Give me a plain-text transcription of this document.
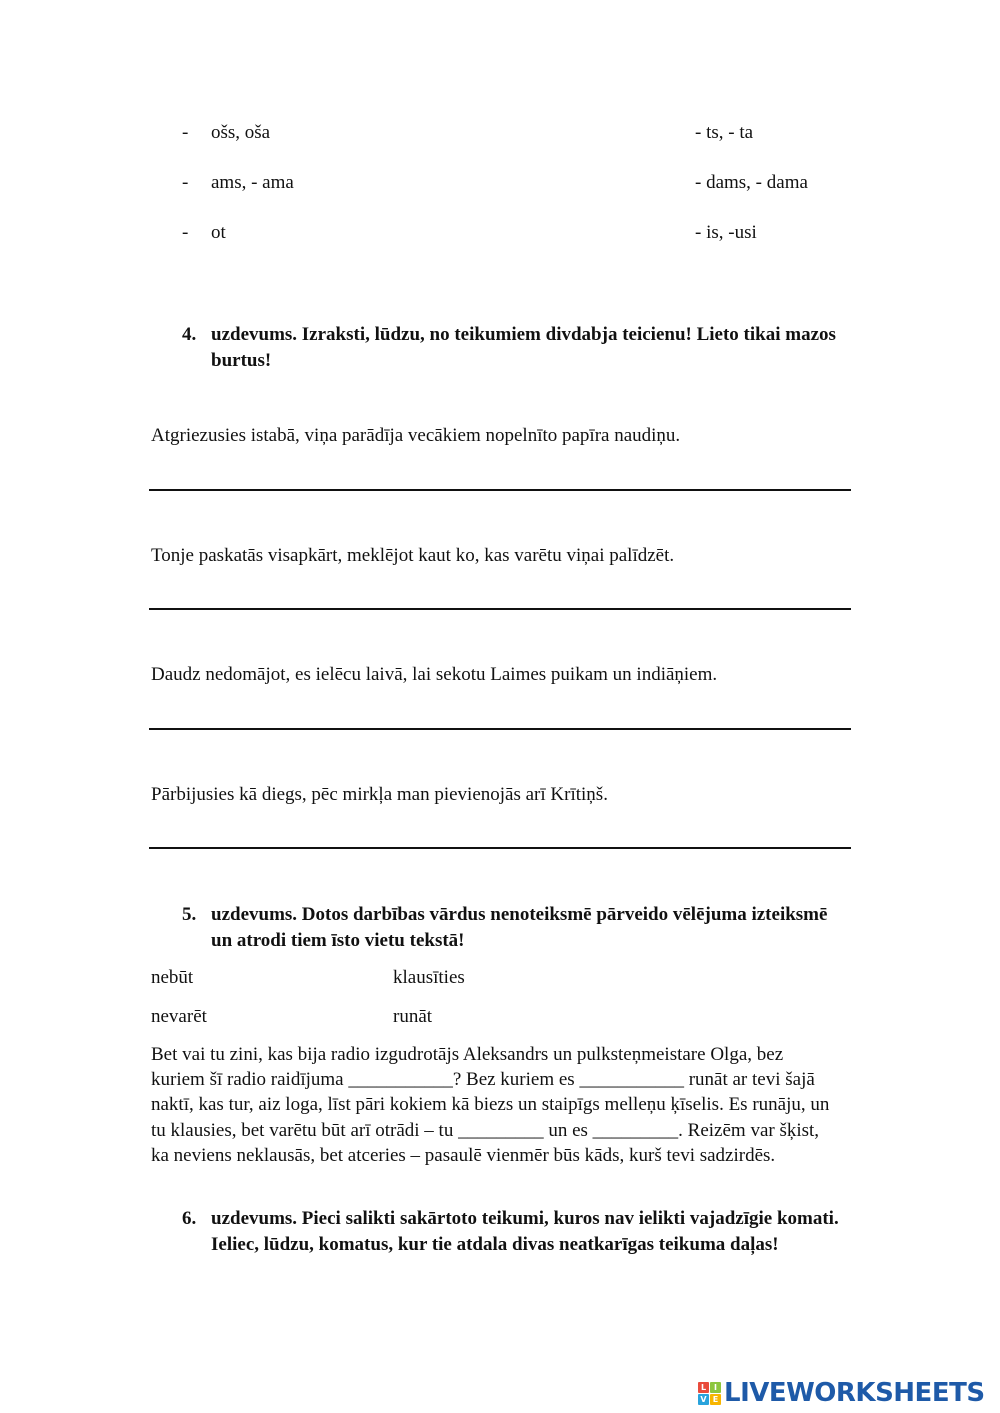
- ošs, oša	- ts, - ta
- ams, - ama	- dams, - dama
- ot	- is, -usi
4. uzdevums. Izraksti, lūdzu, no teikumiem divdabja teicienu! Lieto tikai mazos burtus!
Atgriezusies istabā, viņa parādīja vecākiem nopelnīto papīra naudiņu.
Tonje paskatās visapkārt, meklējot kaut ko, kas varētu viņai palīdzēt.
Daudz nedomājot, es ielēcu laivā, lai sekotu Laimes puikam un indiāņiem.
Pārbijusies kā diegs, pēc mirkļa man pievienojās arī Krītiņš.
5. uzdevums. Dotos darbības vārdus nenoteiksmē pārveido vēlējuma izteiksmē un atrodi tiem īsto vietu tekstā!
nebūt	klausīties
nevarēt	runāt
Bet vai tu zini, kas bija radio izgudrotājs Aleksandrs un pulksteņmeistare Olga, bez kuriem šī radio raidījuma ___________? Bez kuriem es ___________ runāt ar tevi šajā naktī, kas tur, aiz loga, līst pāri kokiem kā biezs un staipīgs melleņu ķīselis. Es runāju, un tu klausies, bet varētu būt arī otrādi – tu _________ un es _________. Reizēm var šķist, ka neviens neklausās, bet atceries – pasaulē vienmēr būs kāds, kurš tevi sadzirdēs.
6. uzdevums. Pieci salikti sakārtoto teikumi, kuros nav ielikti vajadzīgie komati. Ieliec, lūdzu, komatus, kur tie atdala divas neatkarīgas teikuma daļas!
L I
V E LIVEWORKSHEETS
